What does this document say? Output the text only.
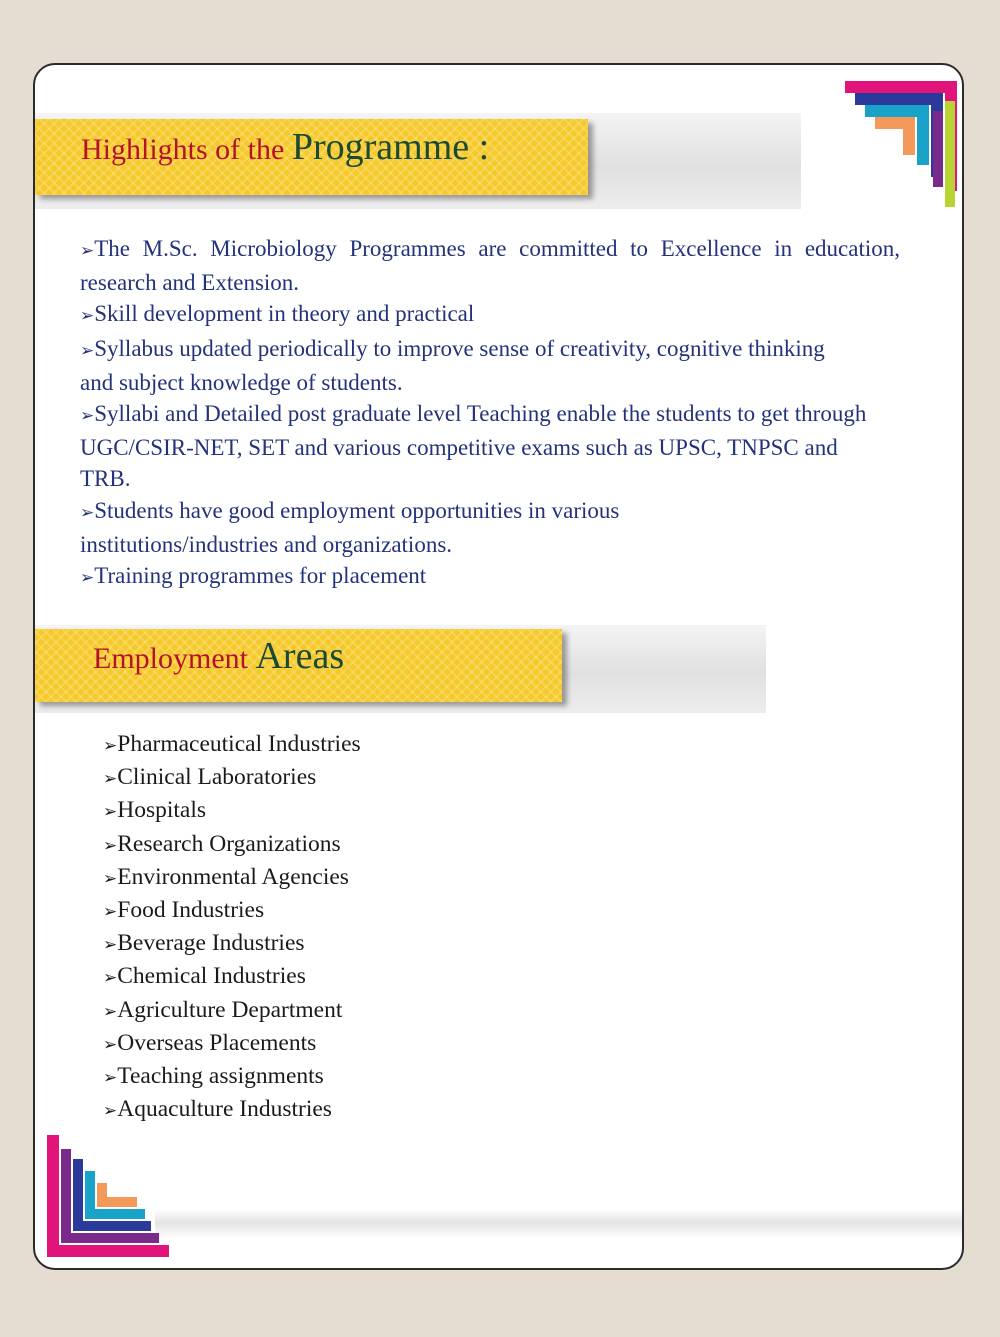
Highlights of the Programme :

➢The M.Sc. Microbiology Programmes are committed to Excellence in education, research and Extension.

➢Skill development in theory and practical

➢Syllabus updated periodically to improve sense of creativity, cognitive thinking and subject knowledge of students.

➢Syllabi and Detailed post graduate level Teaching enable the students to get through UGC/CSIR-NET, SET and various competitive exams such as UPSC, TNPSC and TRB.

➢Students have good employment opportunities in various institutions/industries and organizations.

➢Training programmes for placement

Employment Areas

➢Pharmaceutical Industries

➢Clinical Laboratories

➢Hospitals

➢Research Organizations

➢Environmental Agencies

➢Food Industries

➢Beverage Industries

➢Chemical Industries

➢Agriculture Department

➢Overseas Placements

➢Teaching assignments

➢Aquaculture Industries
